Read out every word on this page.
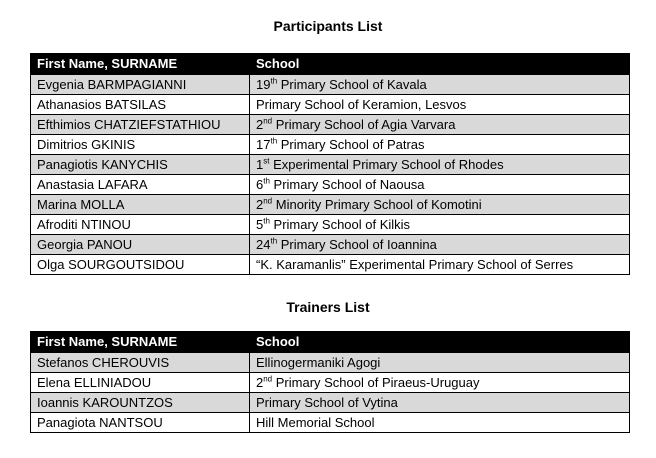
Participants List
First Name, SURNAME	School
Evgenia BARMPAGIANNI	19th Primary School of Kavala
Athanasios BATSILAS	Primary School of Keramion, Lesvos
Efthimios CHATZIEFSTATHIOU	2nd Primary School of Agia Varvara
Dimitrios GKINIS	17th Primary School of Patras
Panagiotis KANYCHIS	1st Experimental Primary School of Rhodes
Anastasia LAFARA	6th Primary School of Naousa
Marina MOLLA	2nd Minority Primary School of Komotini
Afroditi NTINOU	5th Primary School of Kilkis
Georgia PANOU	24th Primary School of Ioannina
Olga SOURGOUTSIDOU	“K. Karamanlis” Experimental Primary School of Serres
Trainers List
First Name, SURNAME	School
Stefanos CHEROUVIS	Ellinogermaniki Agogi
Elena ELLINIADOU	2nd Primary School of Piraeus-Uruguay
Ioannis KAROUNTZOS	Primary School of Vytina
Panagiota NANTSOU	Hill Memorial School
